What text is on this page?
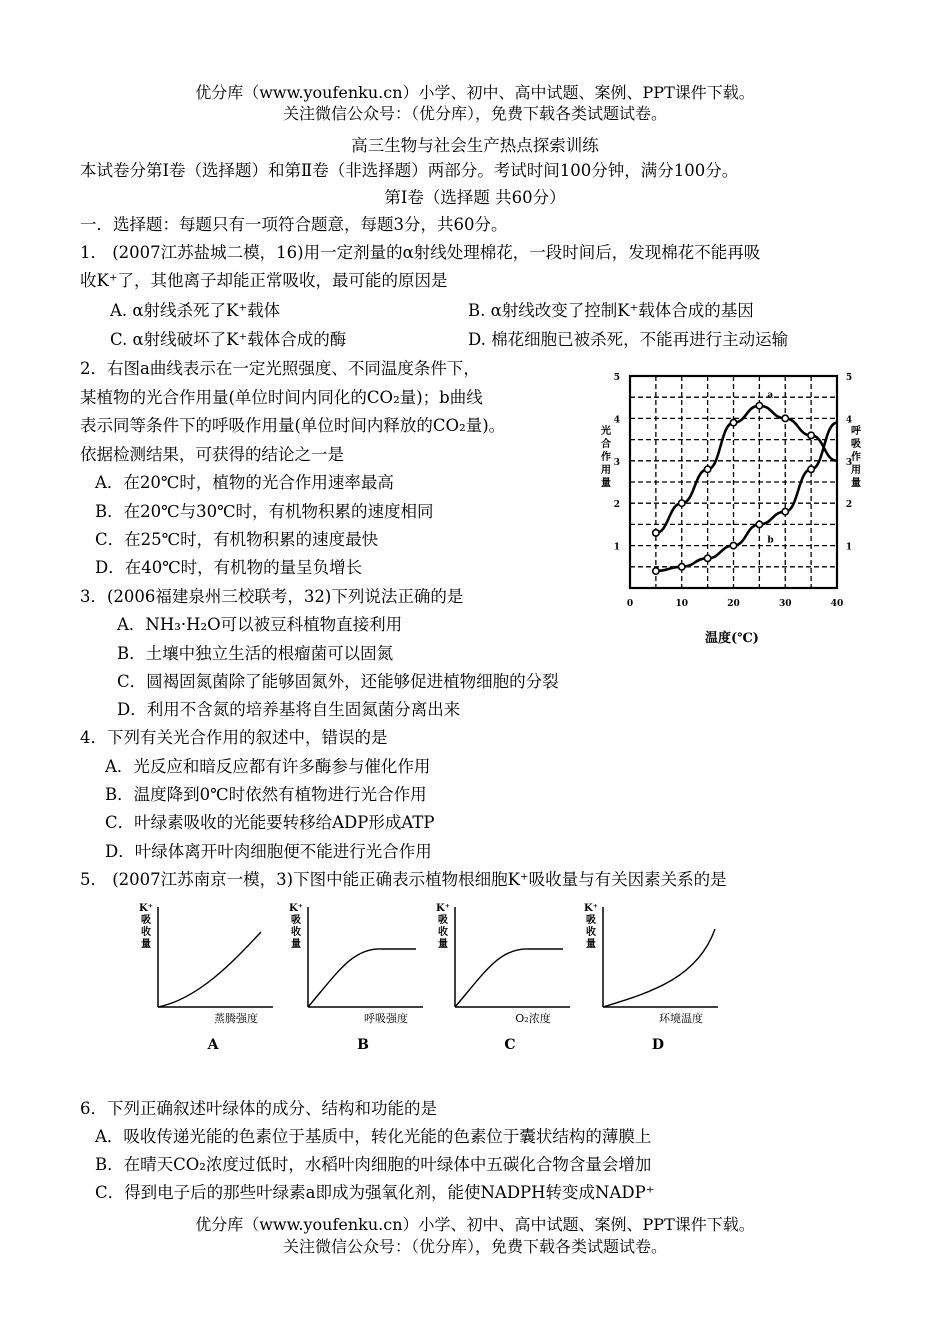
优分库（www.youfenku.cn）小学、初中、高中试题、案例、PPT课件下载。
关注微信公众号：（优分库），免费下载各类试题试卷。
高三生物与社会生产热点探索训练
本试卷分第Ⅰ卷（选择题）和第Ⅱ卷（非选择题）两部分。考试时间100分钟，满分100分。
第Ⅰ卷（选择题 共60分）
一．选择题：每题只有一项符合题意，每题3分，共60分。
1． (2007江苏盐城二模，16)用一定剂量的α射线处理棉花，一段时间后，发现棉花不能再吸
收K⁺了，其他离子却能正常吸收，最可能的原因是
A. α射线杀死了K⁺载体	B. α射线改变了控制K⁺载体合成的基因
C. α射线破坏了K⁺载体合成的酶	D. 棉花细胞已被杀死，不能再进行主动运输
2．右图a曲线表示在一定光照强度、不同温度条件下，
某植物的光合作用量(单位时间内同化的CO₂量)；b曲线
表示同等条件下的呼吸作用量(单位时间内释放的CO₂量)。
依据检测结果，可获得的结论之一是
A．在20℃时，植物的光合作用速率最高
B．在20℃与30℃时，有机物积累的速度相同
C．在25℃时，有机物积累的速度最快
D．在40℃时，有机物的量呈负增长
1	1
2	2
3	3
4	4
5	5
0	10	20	30	40
a
b
光合作用量
呼吸作用量
温度(℃)
3．(2006福建泉州三校联考，32)下列说法正确的是
A．NH₃·H₂O可以被豆科植物直接利用
B．土壤中独立生活的根瘤菌可以固氮
C．圆褐固氮菌除了能够固氮外，还能够促进植物细胞的分裂
D．利用不含氮的培养基将自生固氮菌分离出来
4．下列有关光合作用的叙述中，错误的是
A．光反应和暗反应都有许多酶参与催化作用
B．温度降到0℃时依然有植物进行光合作用
C．叶绿素吸收的光能要转移给ADP形成ATP
D．叶绿体离开叶肉细胞便不能进行光合作用
5． (2007江苏南京一模，3)下图中能正确表示植物根细胞K⁺吸收量与有关因素关系的是
K⁺吸收量
蒸腾强度
A
K⁺吸收量
呼吸强度
B
K⁺吸收量
O₂浓度
C
K⁺吸收量
环境温度
D
6．下列正确叙述叶绿体的成分、结构和功能的是
A．吸收传递光能的色素位于基质中，转化光能的色素位于囊状结构的薄膜上
B．在晴天CO₂浓度过低时，水稻叶肉细胞的叶绿体中五碳化合物含量会增加
C．得到电子后的那些叶绿素a即成为强氧化剂，能使NADPH转变成NADP⁺
优分库（www.youfenku.cn）小学、初中、高中试题、案例、PPT课件下载。
关注微信公众号：（优分库），免费下载各类试题试卷。
